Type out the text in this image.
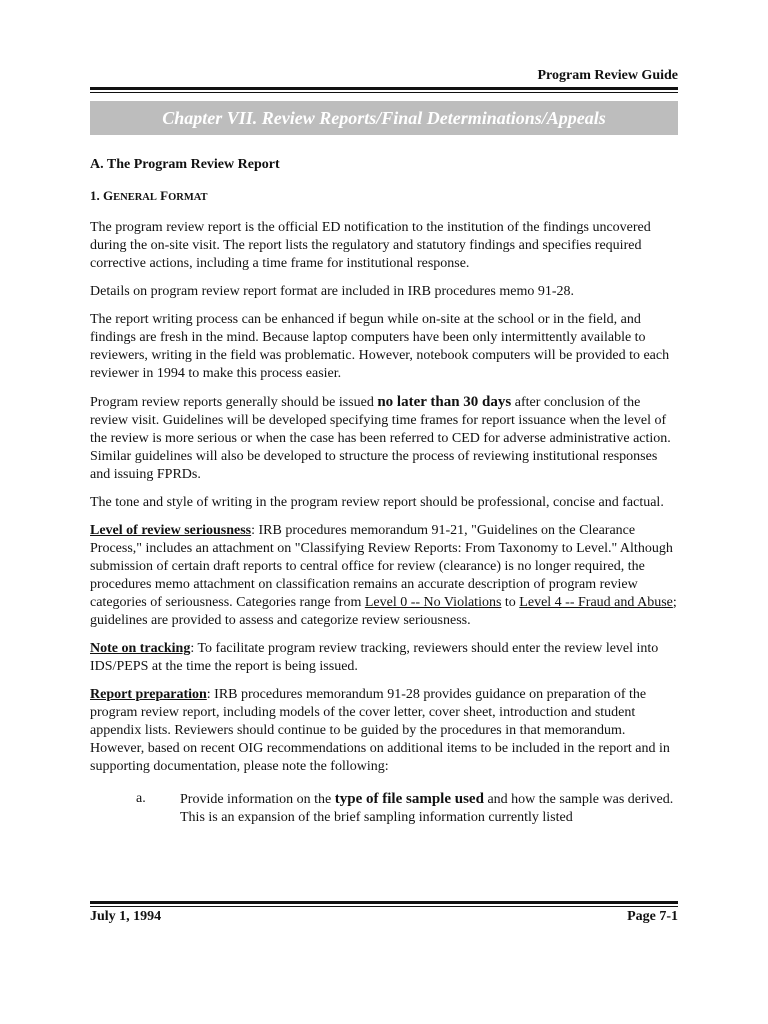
Program Review Guide
Chapter VII. Review Reports/Final Determinations/Appeals
A. The Program Review Report
1. GENERAL FORMAT

The program review report is the official ED notification to the institution of the findings uncovered during the on-site visit. The report lists the regulatory and statutory findings and specifies required corrective actions, including a time frame for institutional response.

Details on program review report format are included in IRB procedures memo 91-28.

The report writing process can be enhanced if begun while on-site at the school or in the field, and findings are fresh in the mind. Because laptop computers have been only intermittently available to reviewers, writing in the field was problematic. However, notebook computers will be provided to each reviewer in 1994 to make this process easier.

Program review reports generally should be issued no later than 30 days after conclusion of the review visit. Guidelines will be developed specifying time frames for report issuance when the level of the review is more serious or when the case has been referred to CED for adverse administrative action. Similar guidelines will also be developed to structure the process of reviewing institutional responses and issuing FPRDs.

The tone and style of writing in the program review report should be professional, concise and factual.

Level of review seriousness: IRB procedures memorandum 91-21, "Guidelines on the Clearance Process," includes an attachment on "Classifying Review Reports: From Taxonomy to Level." Although submission of certain draft reports to central office for review (clearance) is no longer required, the procedures memo attachment on classification remains an accurate description of program review categories of seriousness. Categories range from Level 0 -- No Violations to Level 4 -- Fraud and Abuse; guidelines are provided to assess and categorize review seriousness.

Note on tracking: To facilitate program review tracking, reviewers should enter the review level into IDS/PEPS at the time the report is being issued.

Report preparation: IRB procedures memorandum 91-28 provides guidance on preparation of the program review report, including models of the cover letter, cover sheet, introduction and student appendix lists. Reviewers should continue to be guided by the procedures in that memorandum. However, based on recent OIG recommendations on additional items to be included in the report and in supporting documentation, please note the following:

a.	Provide information on the type of file sample used and how the sample was derived. This is an expansion of the brief sampling information currently listed
July 1, 1994	Page 7-1
